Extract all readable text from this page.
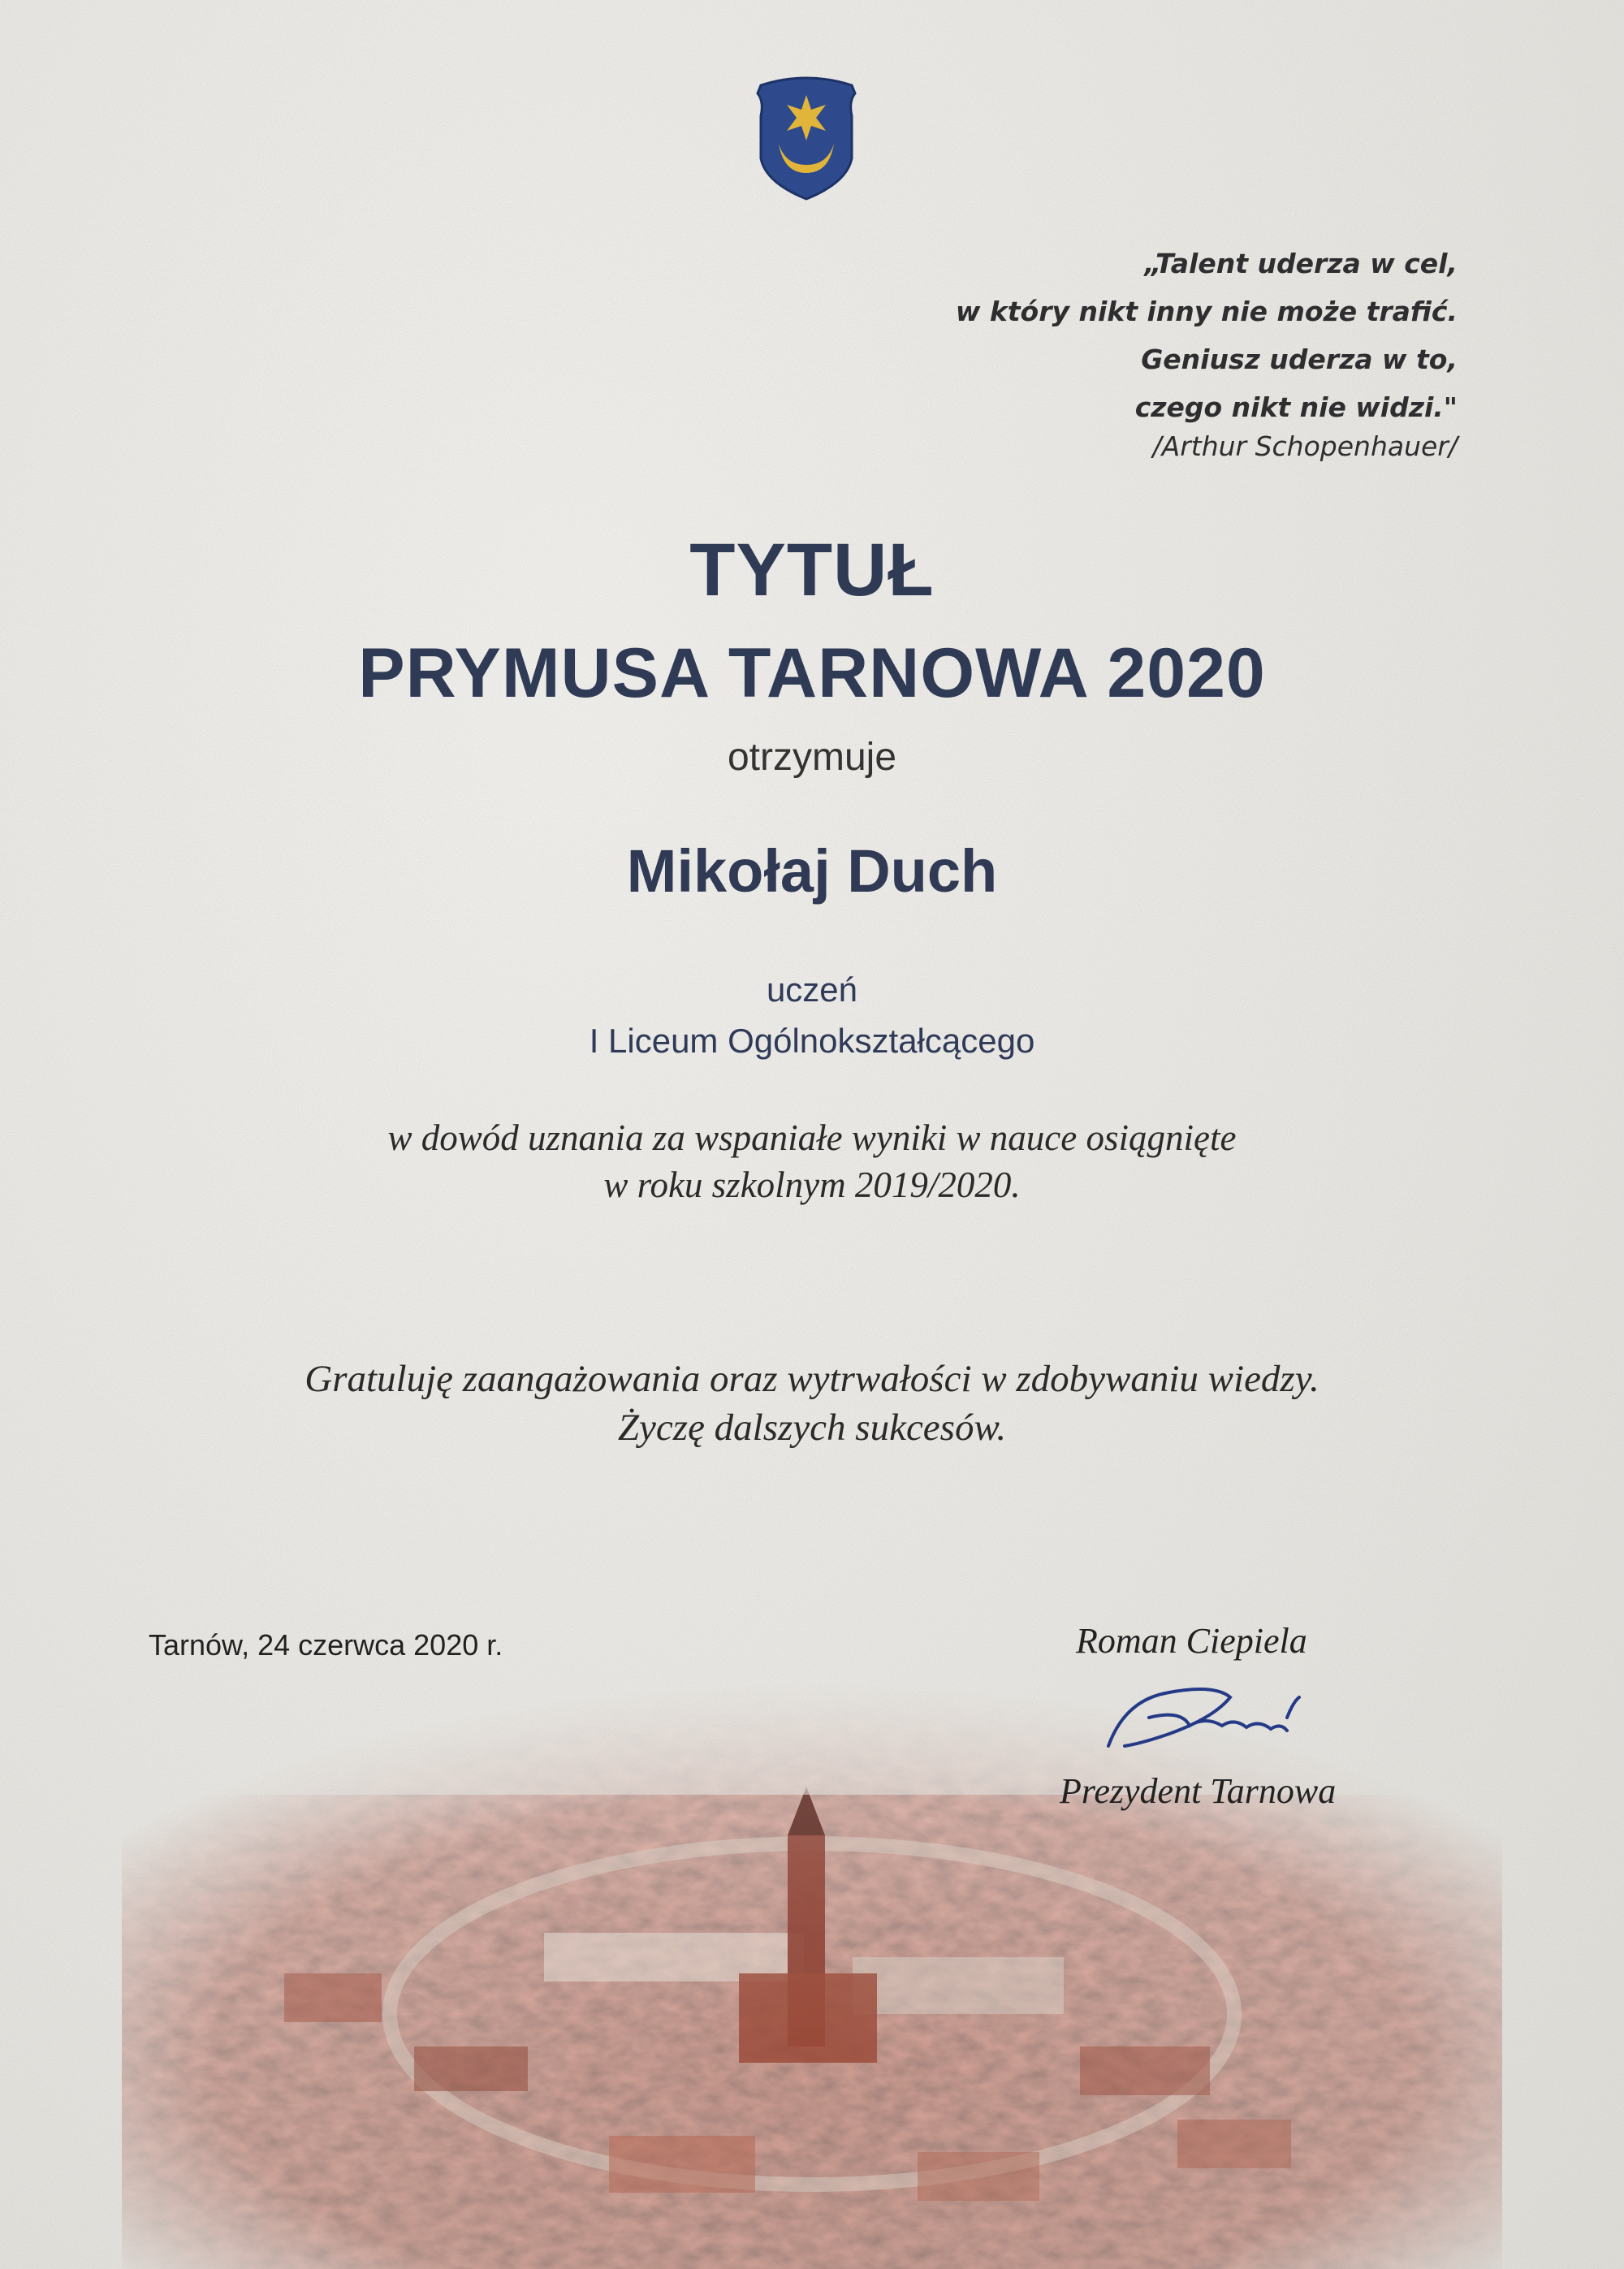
„Talent uderza w cel,
w który nikt inny nie może trafić.
Geniusz uderza w to,
czego nikt nie widzi."
/Arthur Schopenhauer/
TYTUŁ
PRYMUSA TARNOWA 2020
otrzymuje
Mikołaj Duch
uczeń
I Liceum Ogólnokształcącego
w dowód uznania za wspaniałe wyniki w nauce osiągnięte
w roku szkolnym 2019/2020.
Gratuluję zaangażowania oraz wytrwałości w zdobywaniu wiedzy.
Życzę dalszych sukcesów.
Tarnów, 24 czerwca 2020 r.	Roman Ciepiela
Prezydent Tarnowa
